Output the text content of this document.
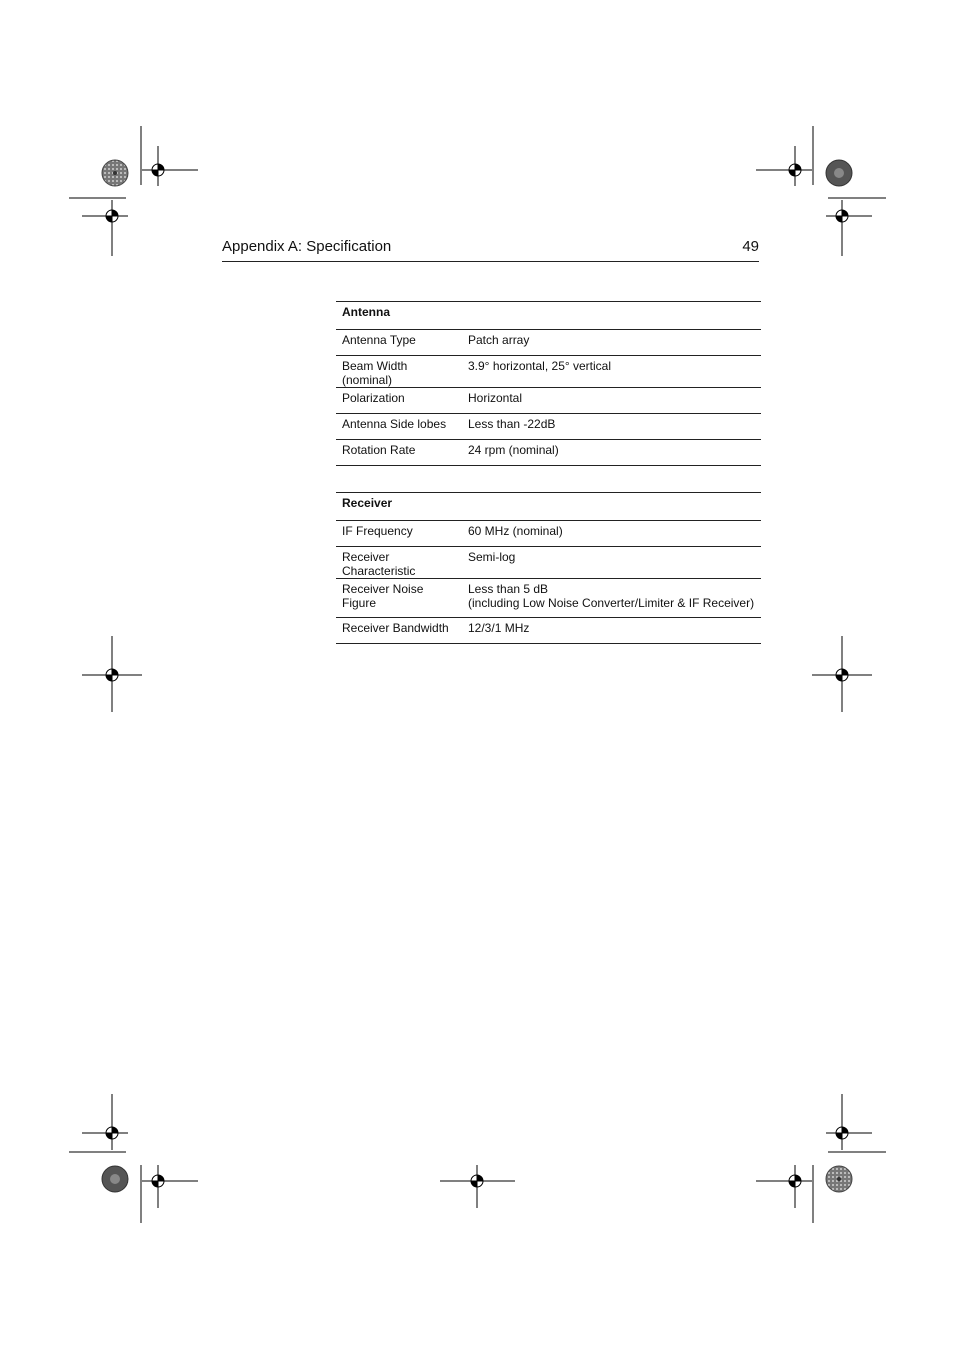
Appendix A: Specification	49
Antenna	
Antenna Type	Patch array
Beam Width (nominal)	3.9° horizontal, 25° vertical
Polarization	Horizontal
Antenna Side lobes	Less than -22dB
Rotation Rate	24 rpm (nominal)
Receiver	
IF Frequency	60 MHz (nominal)
Receiver Characteristic	Semi-log
Receiver Noise Figure	Less than 5 dB
(including Low Noise Converter/Limiter & IF Receiver)

Receiver Bandwidth	12/3/1 MHz
